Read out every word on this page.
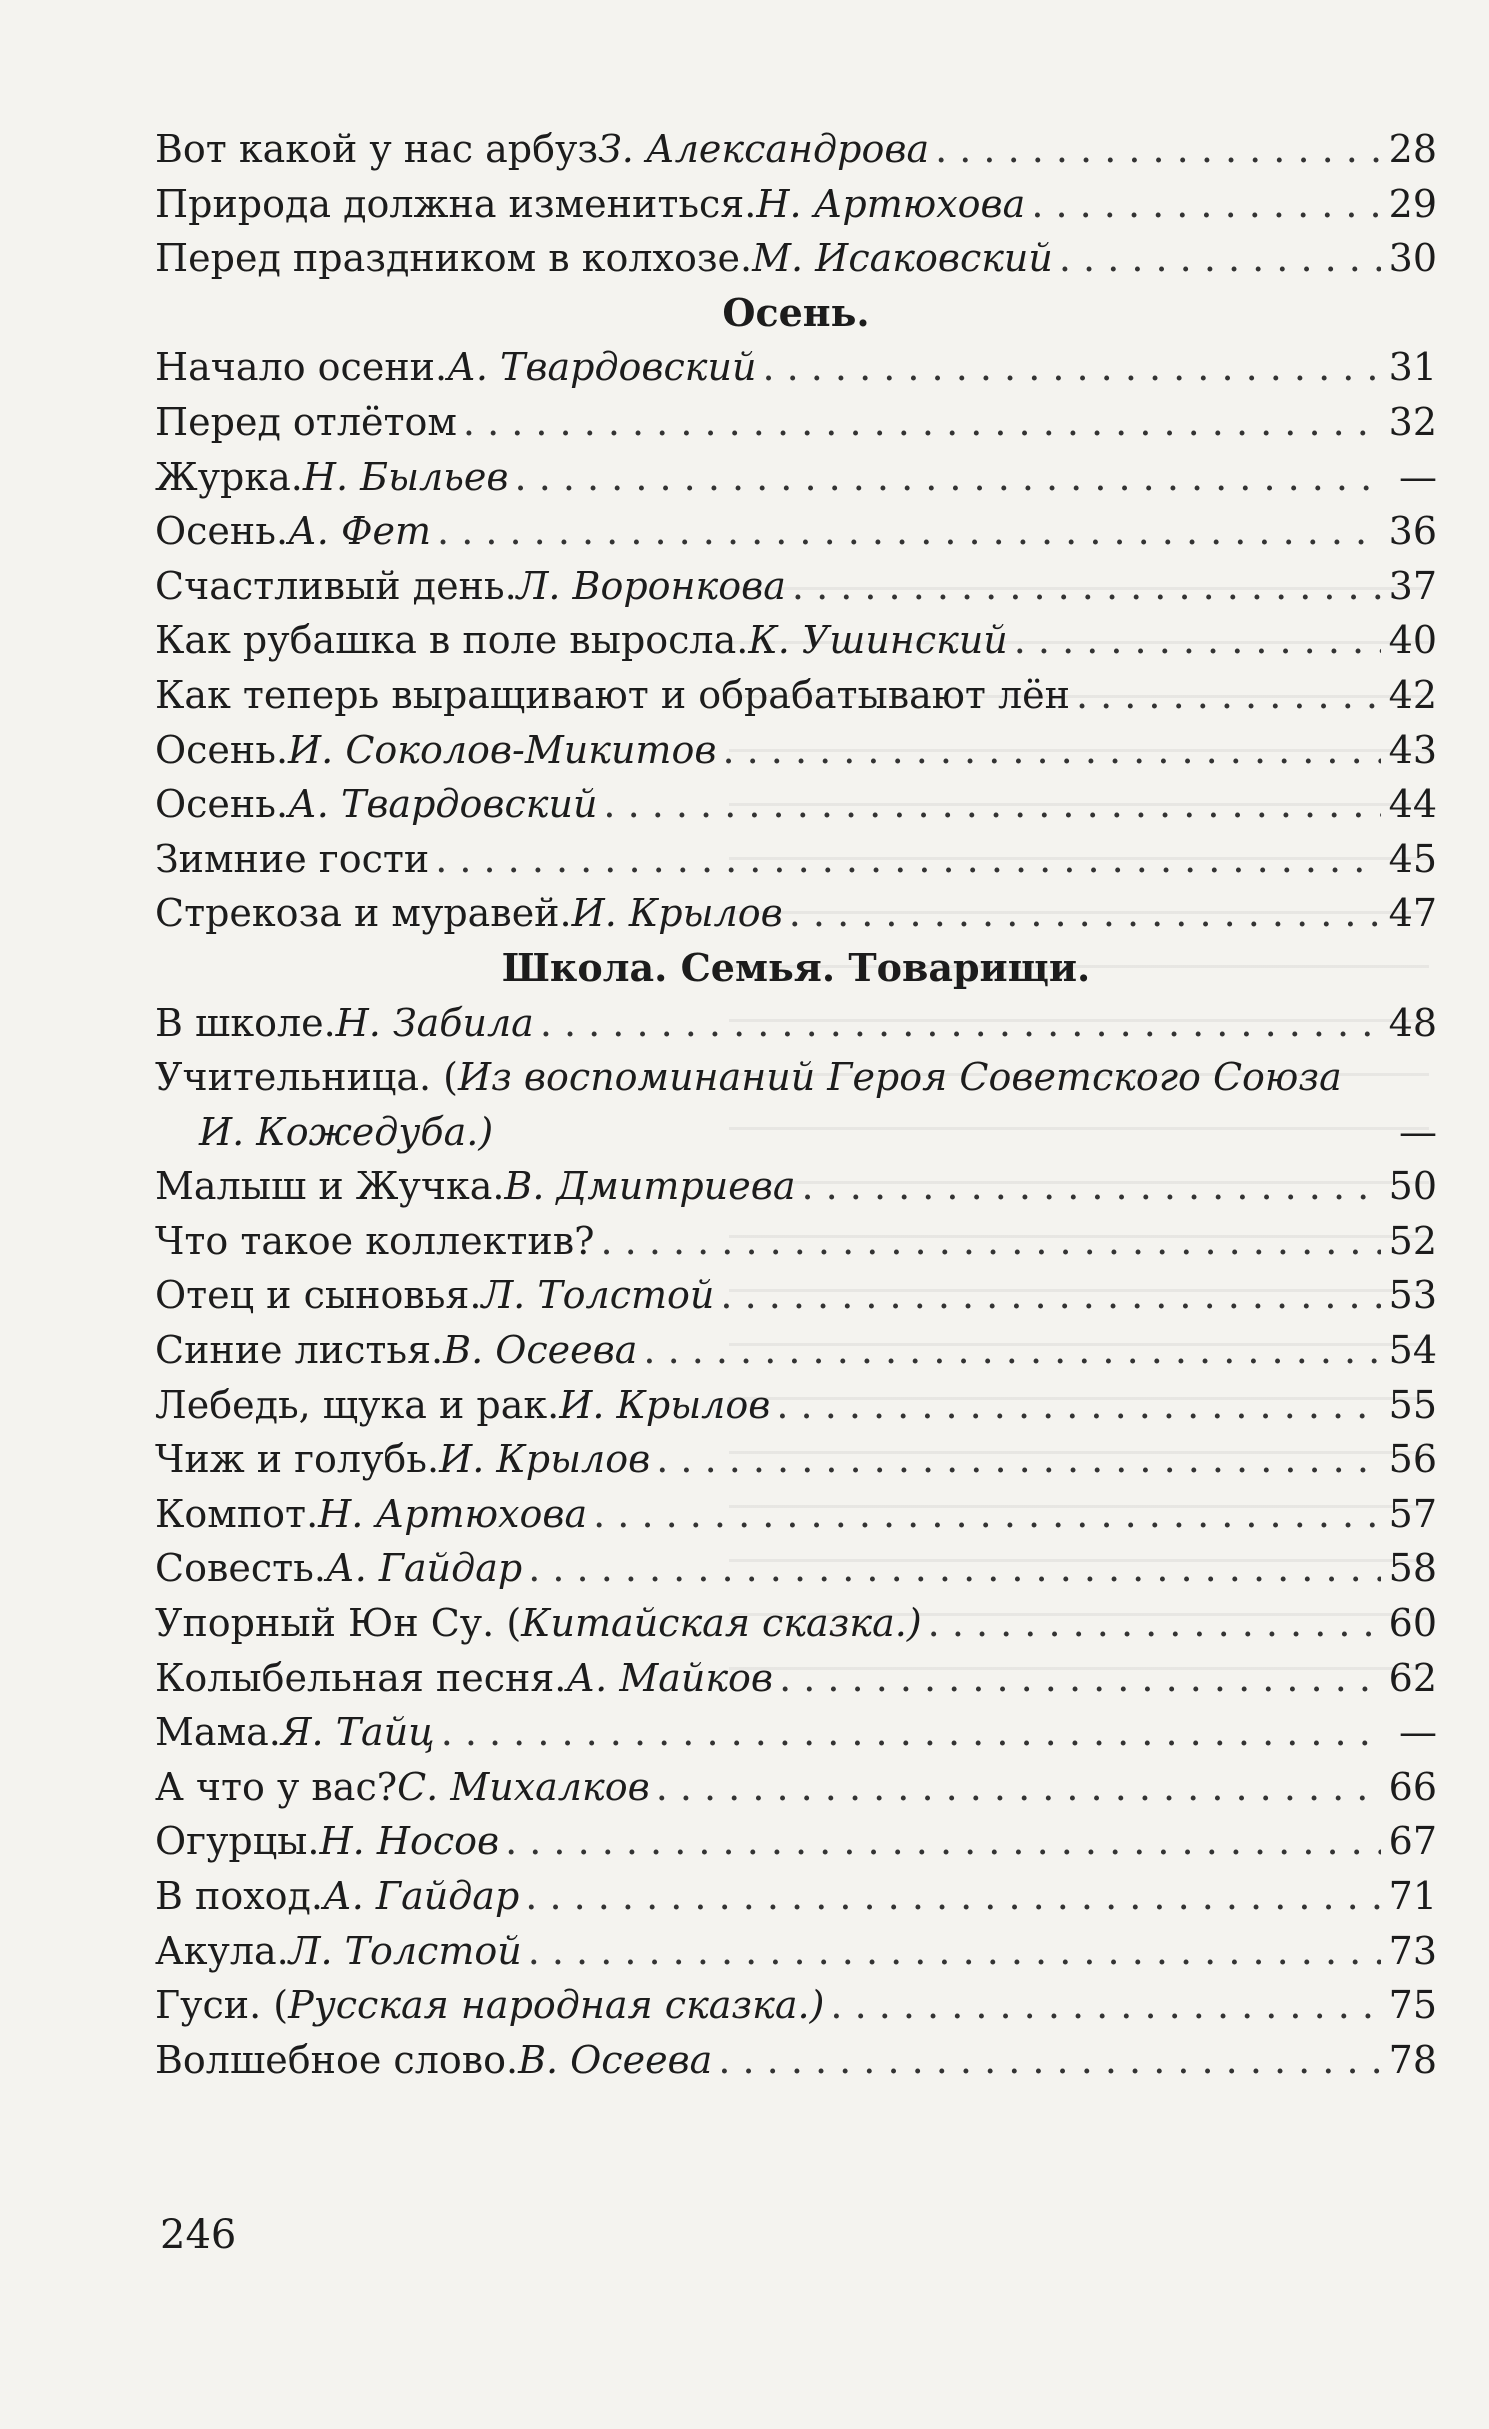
Вот какой у нас арбуз З. Александрова . . .	28
Природа должна измениться. Н. Артюхова . . .	29
Перед праздником в колхозе. М. Исаковский . . .	30
Осень.
Начало осени. А. Твардовский . . .	31
Перед отлётом . . .	32
Журка. Н. Быльев . . .	—
Осень. А. Фет . . .	36
Счастливый день. Л. Воронкова . . .	37
Как рубашка в поле выросла. К. Ушинский . . .	40
Как теперь выращивают и обрабатывают лён . . .	42
Осень. И. Соколов-Микитов . . .	43
Осень. А. Твардовский . . .	44
Зимние гости . . .	45
Стрекоза и муравей. И. Крылов . . .	47
Школа. Семья. Товарищи.
В школе. Н. Забила . . .	48
Учительница. ( Из воспоминаний Героя Советского Союза
И. Кожедуба.)	—
Малыш и Жучка. В. Дмитриева . . .	50
Что такое коллектив? . . .	52
Отец и сыновья. Л. Толстой . . .	53
Синие листья. В. Осеева . . .	54
Лебедь, щука и рак. И. Крылов . . .	55
Чиж и голубь. И. Крылов . . .	56
Компот. Н. Артюхова . . .	57
Совесть. А. Гайдар . . .	58
Упорный Юн Су. ( Китайская сказка.) . . .	60
Колыбельная песня. А. Майков . . .	62
Мама. Я. Тайц . . .	—
А что у вас? С. Михалков . . .	66
Огурцы. Н. Носов . . .	67
В поход. А. Гайдар . . .	71
Акула. Л. Толстой . . .	73
Гуси. ( Русская народная сказка.) . . .	75
Волшебное слово. В. Осеева . . .	78
246
